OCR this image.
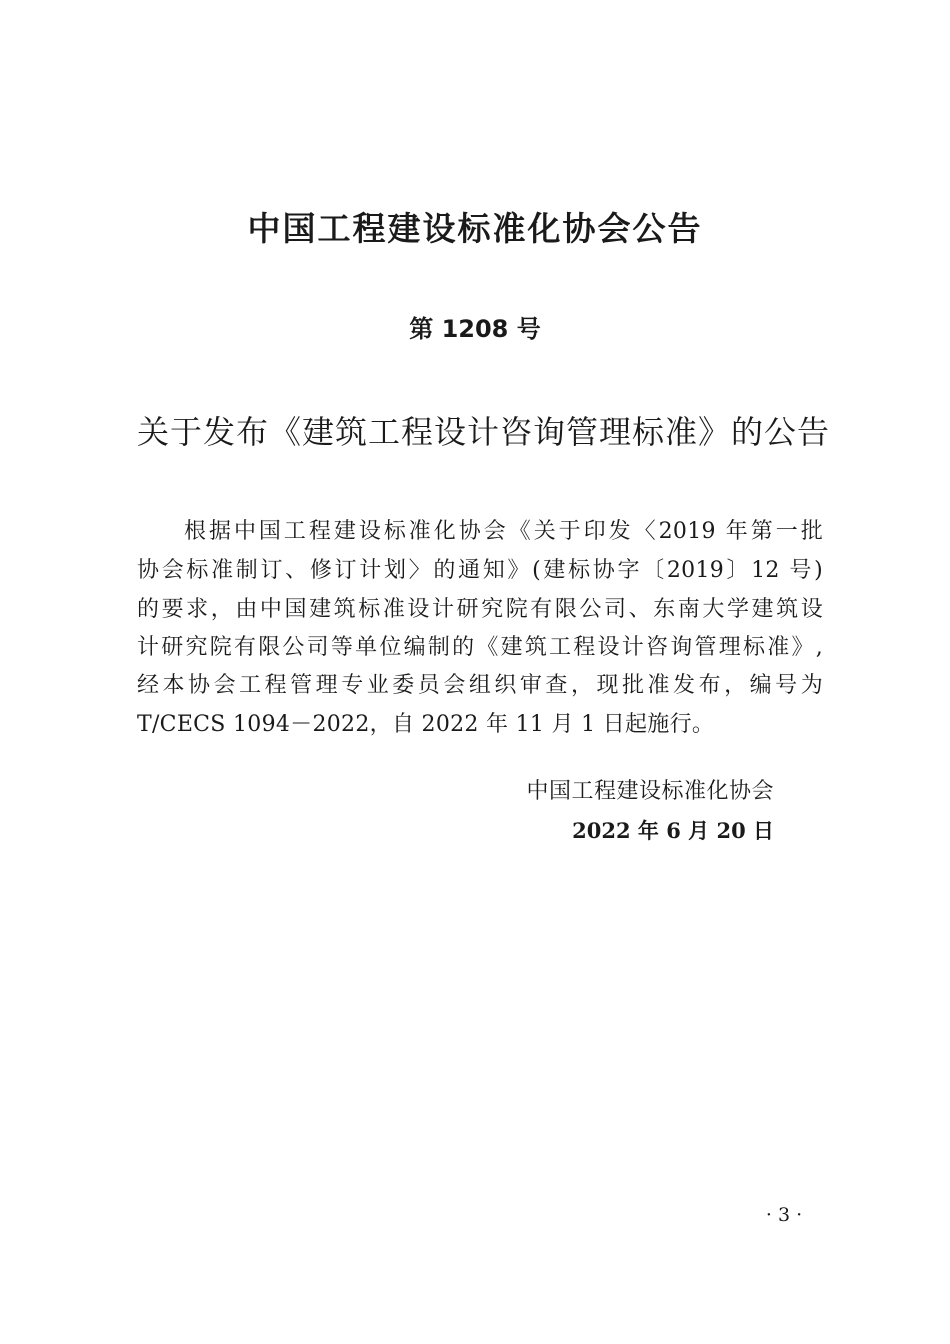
中国工程建设标准化协会公告
第 1208 号
关于发布《建筑工程设计咨询管理标准》的公告
根据中国工程建设标准化协会《关于印发〈2019 年第一批
协会标准制订、修订计划〉的通知》(建标协字〔2019〕12 号)
的要求，由中国建筑标准设计研究院有限公司、东南大学建筑设
计研究院有限公司等单位编制的《建筑工程设计咨询管理标准》,
经本协会工程管理专业委员会组织审查，现批准发布，编号为
T/CECS 1094－2022，自 2022 年 11 月 1 日起施行。
中国工程建设标准化协会
2022 年 6 月 20 日
· 3 ·
